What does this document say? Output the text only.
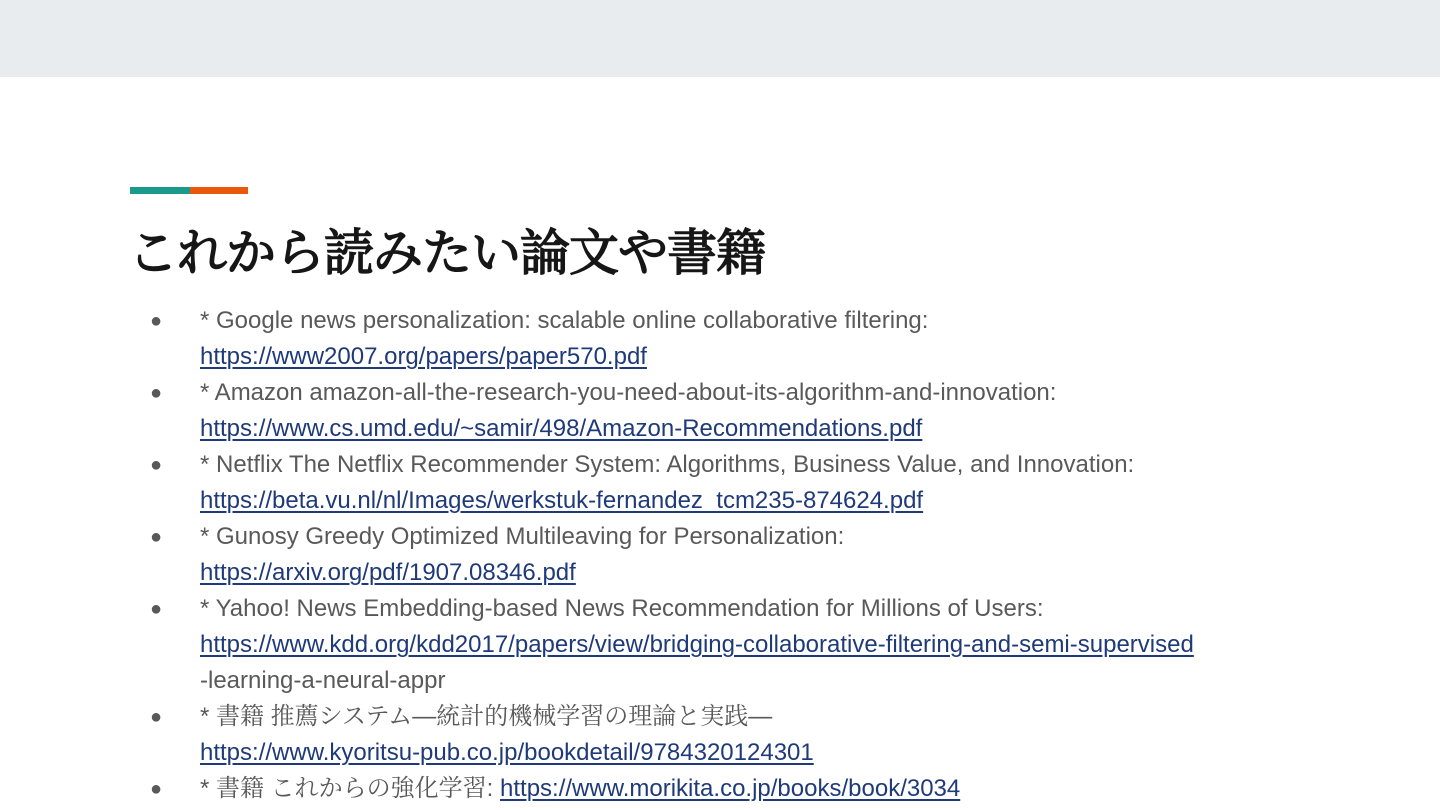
これから読みたい論文や書籍
● * Google news personalization: scalable online collaborative filtering:
https://www2007.org/papers/paper570.pdf
● * Amazon amazon-all-the-research-you-need-about-its-algorithm-and-innovation:
https://www.cs.umd.edu/~samir/498/Amazon-Recommendations.pdf
● * Netflix The Netflix Recommender System: Algorithms, Business Value, and Innovation:
https://beta.vu.nl/nl/Images/werkstuk-fernandez_tcm235-874624.pdf
● * Gunosy Greedy Optimized Multileaving for Personalization:
https://arxiv.org/pdf/1907.08346.pdf
● * Yahoo! News Embedding-based News Recommendation for Millions of Users:
https://www.kdd.org/kdd2017/papers/view/bridging-collaborative-filtering-and-semi-supervised
-learning-a-neural-appr
● * 書籍 推薦システム―統計的機械学習の理論と実践―
https://www.kyoritsu-pub.co.jp/bookdetail/9784320124301
● * 書籍 これからの強化学習: https://www.morikita.co.jp/books/book/3034
